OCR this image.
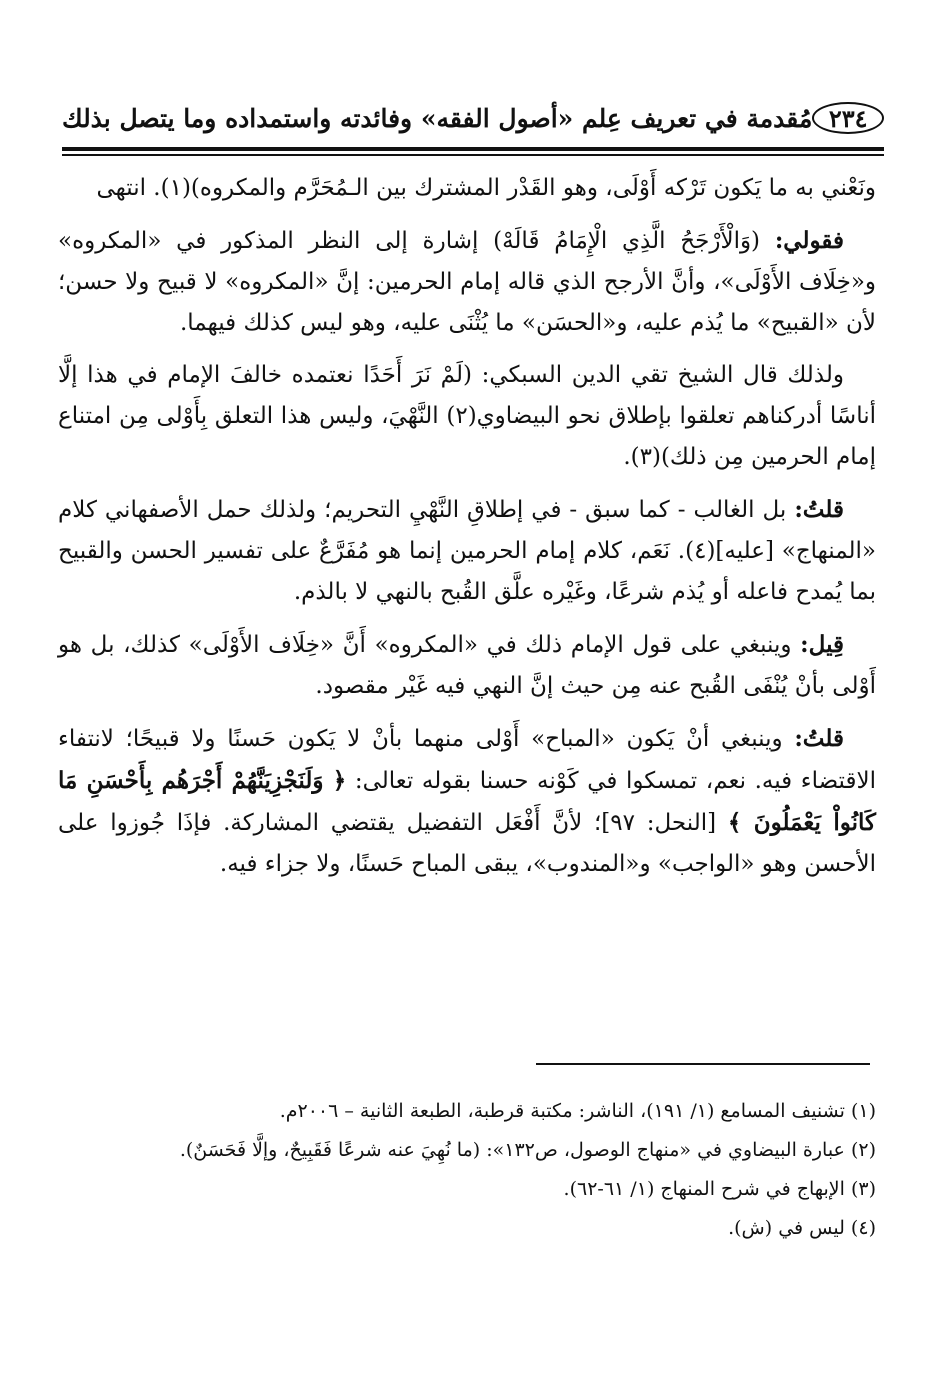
٢٣٤
مُقدمة في تعريف عِلم «أصول الفقه» وفائدته واستمداده وما يتصل بذلك

ونَعْني به ما يَكون تَرْكه أَوْلَى، وهو القَدْر المشترك بين الـمُحَرَّم والمكروه)(١). انتهى

فقولي: (وَالْأَرْجَحُ الَّذِي الْإِمَامُ قَالَهْ) إشارة إلى النظر المذكور في «المكروه» و«خِلَاف الأَوْلَى»، وأنَّ الأرجح الذي قاله إمام الحرمين: إنَّ «المكروه» لا قبيح ولا حسن؛ لأن «القبيح» ما يُذم عليه، و«الحسَن» ما يُثْنَى عليه، وهو ليس كذلك فيهما.

ولذلك قال الشيخ تقي الدين السبكي: (لَمْ نَرَ أَحَدًا نعتمده خالفَ الإمام في هذا إلَّا أناسًا أدركناهم تعلقوا بإطلاق نحو البيضاوي(٢) النَّهْيَ، وليس هذا التعلق بِأَوْلى مِن امتناع إمام الحرمين مِن ذلك)(٣).

قلتُ: بل الغالب - كما سبق - في إطلاقِ النَّهْيِ التحريم؛ ولذلك حمل الأصفهاني كلام «المنهاج» [عليه](٤). نَعَم، كلام إمام الحرمين إنما هو مُفَرَّعٌ على تفسير الحسن والقبيح بما يُمدح فاعله أو يُذم شرعًا، وغَيْره علَّق القُبح بالنهي لا بالذم.

قِيل: وينبغي على قول الإمام ذلك في «المكروه» أَنَّ «خِلَاف الأَوْلَى» كذلك، بل هو أَوْلى بأنْ يُنْفَى القُبح عنه مِن حيث إنَّ النهي فيه غَيْر مقصود.

قلتُ: وينبغي أنْ يَكون «المباح» أَوْلى منهما بأنْ لا يَكون حَسنًا ولا قبيحًا؛ لانتفاء الاقتضاء فيه. نعم، تمسكوا في كَوْنه حسنا بقوله تعالى: ﴿ وَلَنَجْزِيَنَّهُمْ أَجْرَهُم بِأَحْسَنِ مَا كَانُواْ يَعْمَلُونَ ﴾ [النحل: ٩٧]؛ لأنَّ أَفْعَل التفضيل يقتضي المشاركة. فإذَا جُوزوا على الأحسن وهو «الواجب» و«المندوب»، يبقى المباح حَسنًا، ولا جزاء فيه.

(١) تشنيف المسامع (١/ ١٩١)، الناشر: مكتبة قرطبة، الطبعة الثانية – ٢٠٠٦م.
(٢) عبارة البيضاوي في «منهاج الوصول، ص١٣٢»: (ما نُهِيَ عنه شرعًا فَقَبِيحٌ، وإلَّا فَحَسَنٌ).
(٣) الإبهاج في شرح المنهاج (١/ ٦١-٦٢).
(٤) ليس في (ش).
